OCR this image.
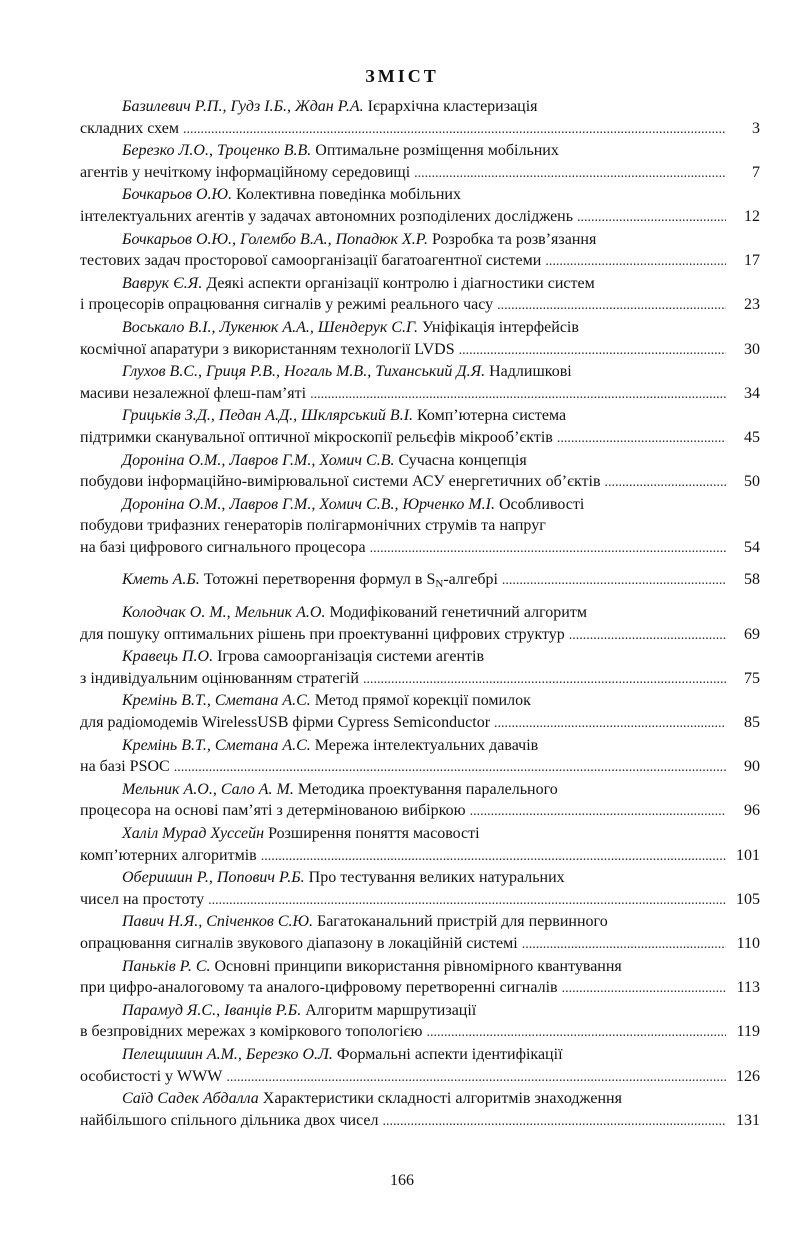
ЗМІСТ
Базилевич Р.П., Гудз І.Б., Ждан Р.А. Ієрархічна кластеризація
складних схем .....	3
Березко Л.О., Троценко В.В. Оптимальне розміщення мобільних
агентів у нечіткому інформаційному середовищі .....	7
Бочкарьов О.Ю. Колективна поведінка мобільних
інтелектуальних агентів у задачах автономних розподілених досліджень .....	12
Бочкарьов О.Ю., Голембо В.А., Попадюк Х.Р. Розробка та розв’язання
тестових задач просторової самоорганізації багатоагентної системи .....	17
Ваврук Є.Я. Деякі аспекти організації контролю і діагностики систем
і процесорів опрацювання сигналів у режимі реального часу .....	23
Воськало В.І., Лукенюк А.А., Шендерук С.Г. Уніфікація інтерфейсів
космічної апаратури з використанням технології LVDS .....	30
Глухов В.С., Гриця Р.В., Ногаль М.В., Тиханський Д.Я. Надлишкові
масиви незалежної флеш-пам’яті .....	34
Грицьків З.Д., Педан А.Д., Шклярський В.І. Комп’ютерна система
підтримки сканувальної оптичної мікроскопії рельєфів мікрооб’єктів .....	45
Дороніна О.М., Лавров Г.М., Хомич С.В. Сучасна концепція
побудови інформаційно-вимірювальної системи АСУ енергетичних об’єктів .....	50
Дороніна О.М., Лавров Г.М., Хомич С.В., Юрченко М.І. Особливості
побудови трифазних генераторів полігармонічних струмів та напруг
на базі цифрового сигнального процесора .....	54
Кметь А.Б. Тотожні перетворення формул в $S_N$-алгебрі .....	58
Колодчак О. М., Мельник А.О. Модифікований генетичний алгоритм
для пошуку оптимальних рішень при проектуванні цифрових структур .....	69
Кравець П.О. Ігрова самоорганізація системи агентів
з індивідуальним оцінюванням стратегій .....	75
Кремінь В.Т., Сметана А.С. Метод прямої корекції помилок
для радіомодемів WirelessUSB фірми Cypress Semiconductor .....	85
Кремінь В.Т., Сметана А.С. Мережа інтелектуальних давачів
на базі PSOC .....	90
Мельник А.О., Сало А. М. Методика проектування паралельного
процесора на основі пам’яті з детермінованою вибіркою .....	96
Халіл Мурад Хуссейн Розширення поняття масовості
комп’ютерних алгоритмів .....	101
Оберишин Р., Попович Р.Б. Про тестування великих натуральних
чисел на простоту .....	105
Павич Н.Я., Спіченков С.Ю. Багатоканальний пристрій для первинного
опрацювання сигналів звукового діапазону в локаційній системі .....	110
Паньків Р. С. Основні принципи використання рівномірного квантування
при цифро-аналоговому та аналого-цифровому перетворенні сигналів .....	113
Парамуд Я.С., Іванців Р.Б. Алгоритм маршрутизації
в безпровідних мережах з коміркового топологією .....	119
Пелещишин А.М., Березко О.Л. Формальні аспекти ідентифікації
особистості у WWW .....	126
Саїд Садек Абдалла Характеристики складності алгоритмів знаходження
найбільшого спільного дільника двох чисел .....	131
166
